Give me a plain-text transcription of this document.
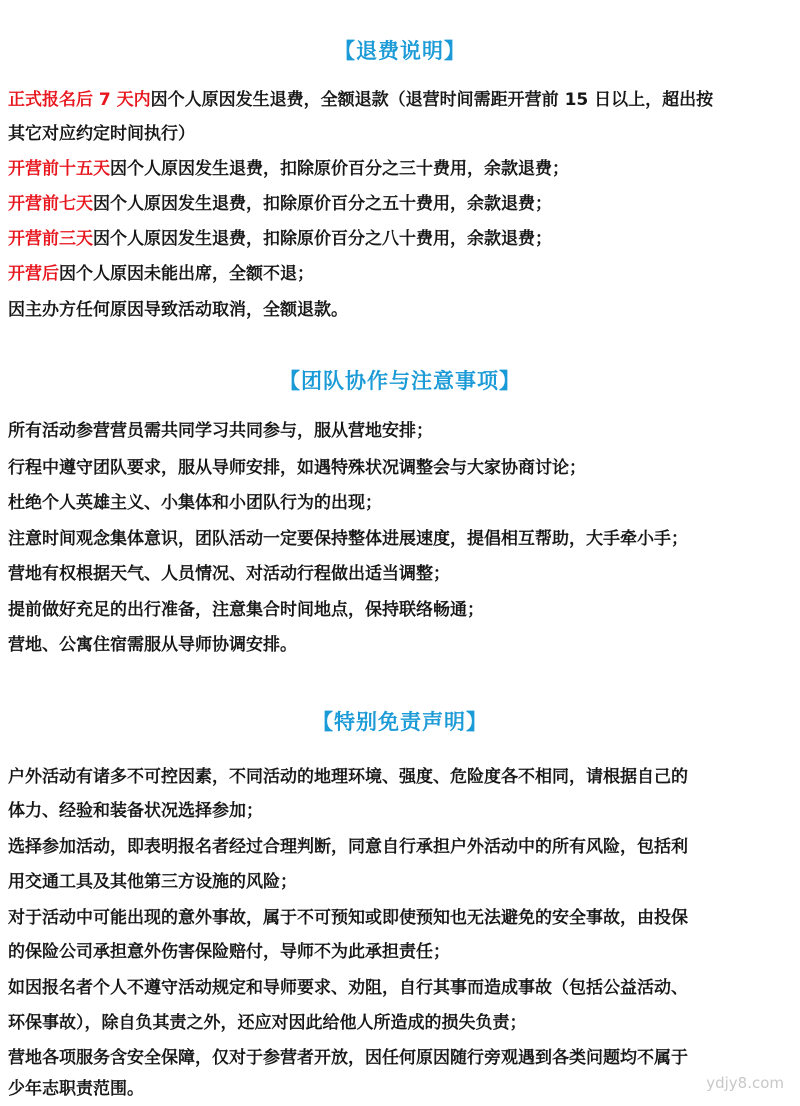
【退费说明】
正式报名后 7 天内因个人原因发生退费，全额退款（退营时间需距开营前 15 日以上，超出按
其它对应约定时间执行）
开营前十五天因个人原因发生退费，扣除原价百分之三十费用，余款退费；
开营前七天因个人原因发生退费，扣除原价百分之五十费用，余款退费；
开营前三天因个人原因发生退费，扣除原价百分之八十费用，余款退费；
开营后因个人原因未能出席，全额不退；
因主办方任何原因导致活动取消，全额退款。
【团队协作与注意事项】
所有活动参营营员需共同学习共同参与，服从营地安排；
行程中遵守团队要求，服从导师安排，如遇特殊状况调整会与大家协商讨论；
杜绝个人英雄主义、小集体和小团队行为的出现；
注意时间观念集体意识，团队活动一定要保持整体进展速度，提倡相互帮助，大手牵小手；
营地有权根据天气、人员情况、对活动行程做出适当调整；
提前做好充足的出行准备，注意集合时间地点，保持联络畅通；
营地、公寓住宿需服从导师协调安排。
【特别免责声明】
户外活动有诸多不可控因素，不同活动的地理环境、强度、危险度各不相同，请根据自己的
体力、经验和装备状况选择参加；
选择参加活动，即表明报名者经过合理判断，同意自行承担户外活动中的所有风险，包括利
用交通工具及其他第三方设施的风险；
对于活动中可能出现的意外事故，属于不可预知或即使预知也无法避免的安全事故，由投保
的保险公司承担意外伤害保险赔付，导师不为此承担责任；
如因报名者个人不遵守活动规定和导师要求、劝阻，自行其事而造成事故（包括公益活动、
环保事故），除自负其责之外，还应对因此给他人所造成的损失负责；
营地各项服务含安全保障，仅对于参营者开放，因任何原因随行旁观遇到各类问题均不属于
少年志职责范围。	ydjy8.com
